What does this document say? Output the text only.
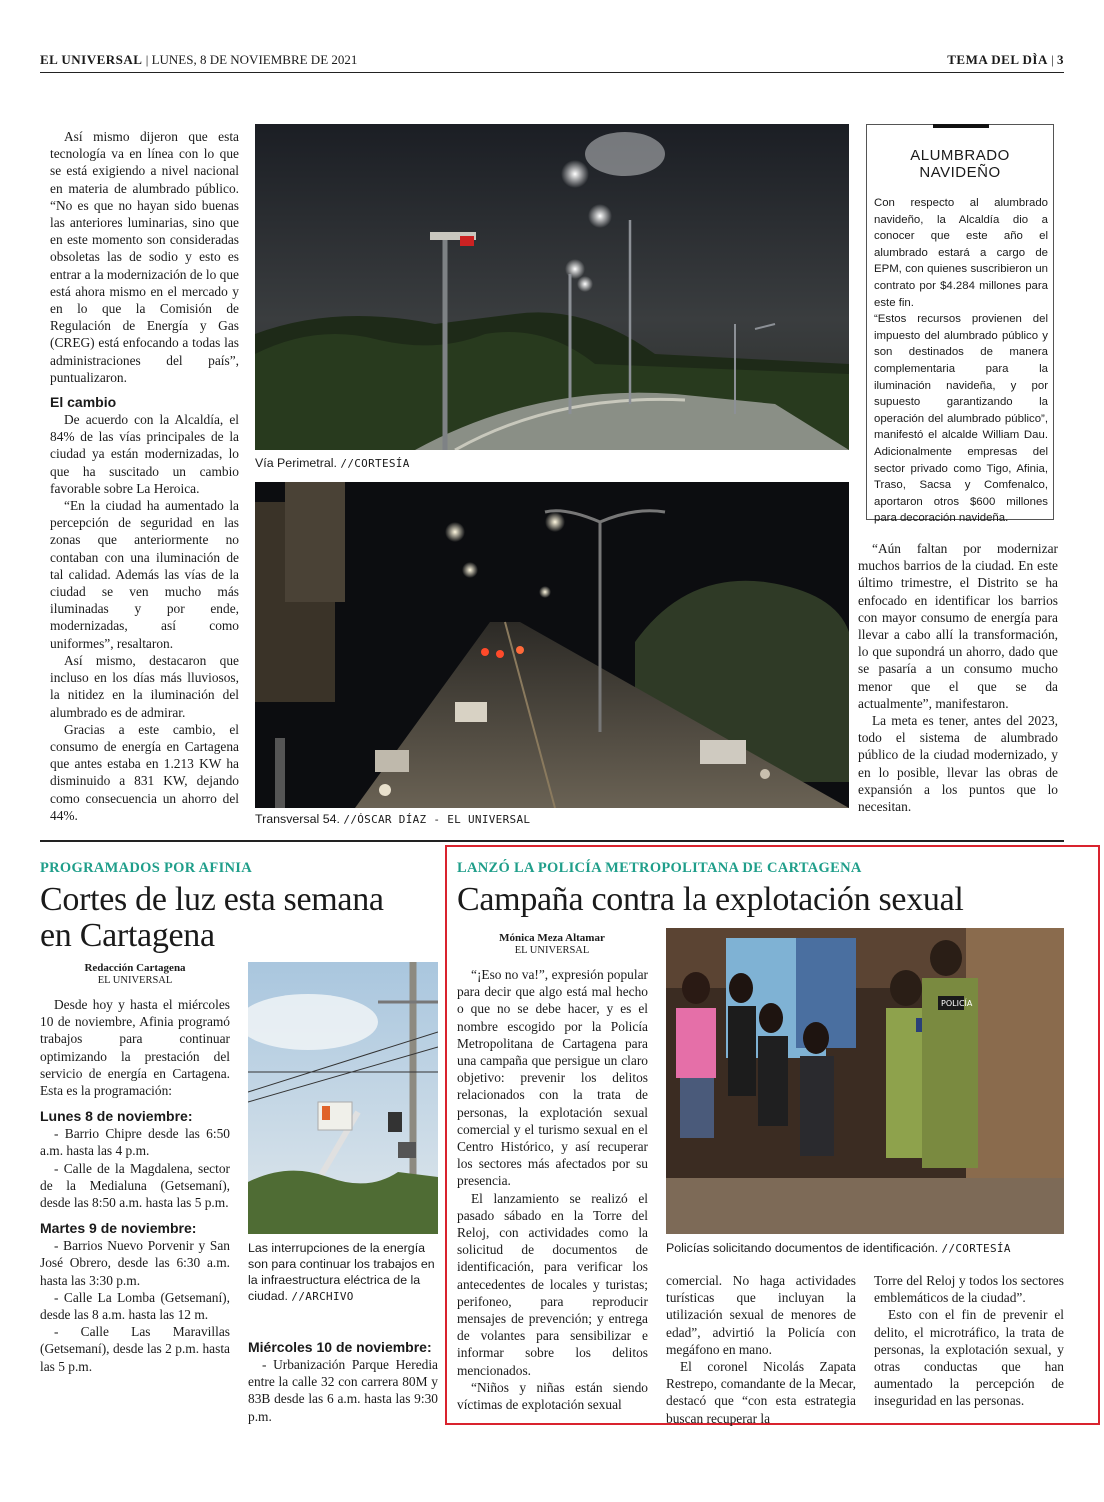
EL UNIVERSAL | LUNES, 8 DE NOVIEMBRE DE 2021	TEMA DEL DÌA | 3

Así mismo dijeron que esta tecnología va en línea con lo que se está exigiendo a nivel nacional en materia de alumbrado público. “No es que no hayan sido buenas las anteriores luminarias, sino que en este momento son consideradas obsoletas las de sodio y esto es entrar a la modernización de lo que está ahora mismo en el mercado y en lo que la Comisión de Regulación de Energía y Gas (CREG) está enfocando a todas las administraciones del país”, puntualizaron.

El cambio

De acuerdo con la Alcaldía, el 84% de las vías principales de la ciudad ya están modernizadas, lo que ha suscitado un cambio favorable sobre La Heroica.

“En la ciudad ha aumentado la percepción de seguridad en las zonas que anteriormente no contaban con una iluminación de tal calidad. Además las vías de la ciudad se ven mucho más iluminadas y por ende, modernizadas, así como uniformes”, resaltaron.

Así mismo, destacaron que incluso en los días más lluviosos, la nitidez en la iluminación del alumbrado es de admirar.

Gracias a este cambio, el consumo de energía en Cartagena que antes estaba en 1.213 KW ha disminuido a 831 KW, dejando como consecuencia un ahorro del 44%.

Vía Perimetral. //CORTESÍA
Transversal 54. //ÓSCAR DÍAZ - EL UNIVERSAL
ALUMBRADO NAVIDEÑO

Con respecto al alumbrado navideño, la Alcaldía dio a conocer que este año el alumbrado estará a cargo de EPM, con quienes suscribieron un contrato por $4.284 millones para este fin.

“Estos recursos provienen del impuesto del alumbrado público y son destinados de manera complementaria para la iluminación navideña, y por supuesto garantizando la operación del alumbrado público”, manifestó el alcalde William Dau. Adicionalmente empresas del sector privado como Tigo, Afinia, Traso, Sacsa y Comfenalco, aportaron otros $600 millones para decoración navideña.

“Aún faltan por modernizar muchos barrios de la ciudad. En este último trimestre, el Distrito se ha enfocado en identificar los barrios con mayor consumo de energía para llevar a cabo allí la transformación, lo que supondrá un ahorro, dado que se pasaría a un consumo mucho menor que el que se da actualmente”, manifestaron.

La meta es tener, antes del 2023, todo el sistema de alumbrado público de la ciudad modernizado, y en lo posible, llevar las obras de expansión a los puntos que lo necesitan.

PROGRAMADOS POR AFINIA
Cortes de luz esta semana en Cartagena
Redacción Cartagena
EL UNIVERSAL

Desde hoy y hasta el miércoles 10 de noviembre, Afinia programó trabajos para continuar optimizando la prestación del servicio de energía en Cartagena. Esta es la programación:

Lunes 8 de noviembre:

- Barrio Chipre desde las 6:50 a.m. hasta las 4 p.m.

- Calle de la Magdalena, sector de la Medialuna (Getsemaní), desde las 8:50 a.m. hasta las 5 p.m.

Martes 9 de noviembre:

- Barrios Nuevo Porvenir y San José Obrero, desde las 6:30 a.m. hasta las 3:30 p.m.

- Calle La Lomba (Getsemaní), desde las 8 a.m. hasta las 12 m.

- Calle Las Maravillas (Getsemaní), desde las 2 p.m. hasta las 5 p.m.

Las interrupciones de la energía son para continuar los trabajos en la infraestructura eléctrica de la ciudad. //ARCHIVO
Miércoles 10 de noviembre:

- Urbanización Parque Heredia entre la calle 32 con carrera 80M y 83B desde las 6 a.m. hasta las 9:30 p.m.

LANZÓ LA POLICÍA METROPOLITANA DE CARTAGENA
Campaña contra la explotación sexual
Mónica Meza Altamar
EL UNIVERSAL

“¡Eso no va!”, expresión popular para decir que algo está mal hecho o que no se debe hacer, y es el nombre escogido por la Policía Metropolitana de Cartagena para una campaña que persigue un claro objetivo: prevenir los delitos relacionados con la trata de personas, la explotación sexual comercial y el turismo sexual en el Centro Histórico, y así recuperar los sectores más afectados por su presencia.

El lanzamiento se realizó el pasado sábado en la Torre del Reloj, con actividades como la solicitud de documentos de identificación, para verificar los antecedentes de locales y turistas; perifoneo, para reproducir mensajes de prevención; y entrega de volantes para sensibilizar e informar sobre los delitos mencionados.

“Niños y niñas están siendo víctimas de explotación sexual

POLICÍA
Policías solicitando documentos de identificación. //CORTESÍA

comercial. No haga actividades turísticas que incluyan la utilización sexual de menores de edad”, advirtió la Policía con megáfono en mano.

El coronel Nicolás Zapata Restrepo, comandante de la Mecar, destacó que “con esta estrategia buscan recuperar la

Torre del Reloj y todos los sectores emblemáticos de la ciudad”.

Esto con el fin de prevenir el delito, el microtráfico, la trata de personas, la explotación sexual, y otras conductas que han aumentado la percepción de inseguridad en las personas.
